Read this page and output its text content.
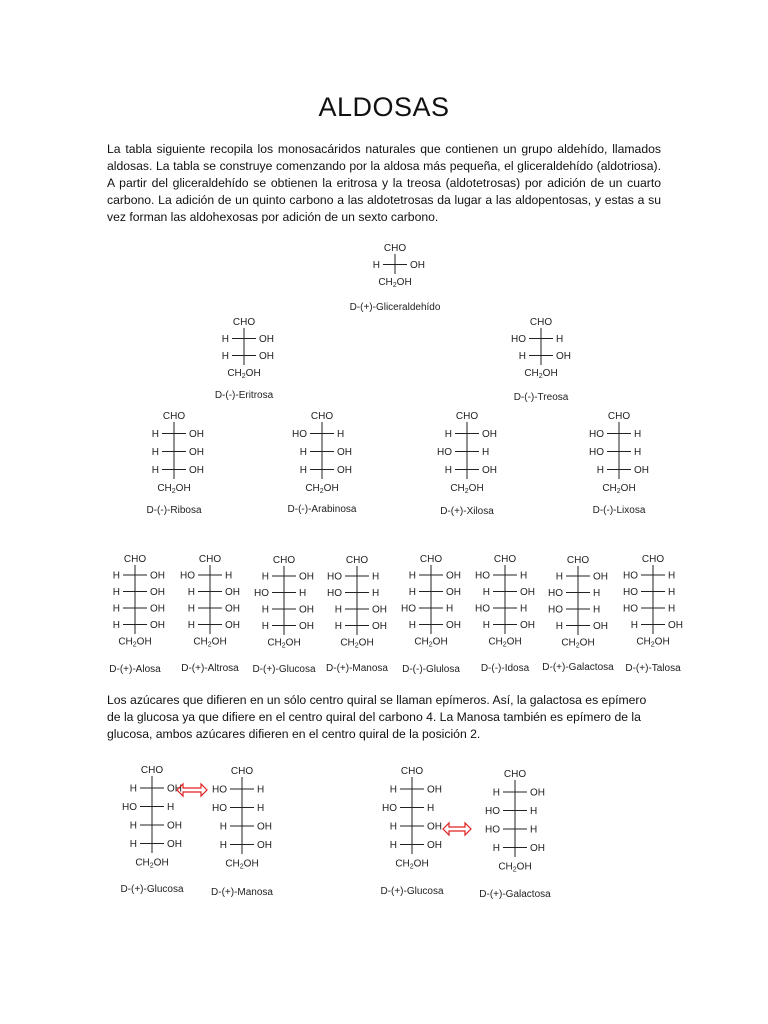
ALDOSAS
La tabla siguiente recopila los monosacáridos naturales que contienen un grupo aldehído, llamados aldosas. La tabla se construye comenzando por la aldosa más pequeña, el gliceraldehído (aldotriosa). A partir del gliceraldehído se obtienen la eritrosa y la treosa (aldotetrosas) por adición de un cuarto carbono. La adición de un quinto carbono a las aldotetrosas da lugar a las aldopentosas, y estas a su vez forman las aldohexosas por adición de un sexto carbono.
Los azúcares que difieren en un sólo centro quiral se llaman epímeros. Así, la galactosa es epímero de la glucosa ya que difiere en el centro quiral del carbono 4. La Manosa también es epímero de la glucosa, ambos azúcares difieren en el centro quiral de la posición 2.
CHO
H	OH
$CH_2OH$
D-(+)-Gliceraldehído
CHO
H	OH
H	OH
$CH_2OH$
D-(-)-Eritrosa
CHO
HO	H
H	OH
$CH_2OH$
D-(-)-Treosa
CHO
H	OH
H	OH
H	OH
$CH_2OH$
D-(-)-Ribosa
CHO
HO	H
H	OH
H	OH
$CH_2OH$
D-(-)-Arabinosa
CHO
H	OH
HO	H
H	OH
$CH_2OH$
D-(+)-Xilosa
CHO
HO	H
HO	H
H	OH
$CH_2OH$
D-(-)-Lixosa
CHO
H	OH
H	OH
H	OH
H	OH
$CH_2OH$
D-(+)-Alosa
CHO
HO	H
H	OH
H	OH
H	OH
$CH_2OH$
D-(+)-Altrosa
CHO
H	OH
HO	H
H	OH
H	OH
$CH_2OH$
D-(+)-Glucosa
CHO
HO	H
HO	H
H	OH
H	OH
$CH_2OH$
D-(+)-Manosa
CHO
H	OH
H	OH
HO	H
H	OH
$CH_2OH$
D-(-)-Glulosa
CHO
HO	H
H	OH
HO	H
H	OH
$CH_2OH$
D-(-)-Idosa
CHO
H	OH
HO	H
HO	H
H	OH
$CH_2OH$
D-(+)-Galactosa
CHO
HO	H
HO	H
HO	H
H	OH
$CH_2OH$
D-(+)-Talosa
CHO
H	OH
HO	H
H	OH
H	OH
$CH_2OH$
D-(+)-Glucosa
CHO
HO	H
HO	H
H	OH
H	OH
$CH_2OH$
D-(+)-Manosa
CHO
H	OH
HO	H
H	OH
H	OH
$CH_2OH$
D-(+)-Glucosa
CHO
H	OH
HO	H
HO	H
H	OH
$CH_2OH$
D-(+)-Galactosa
